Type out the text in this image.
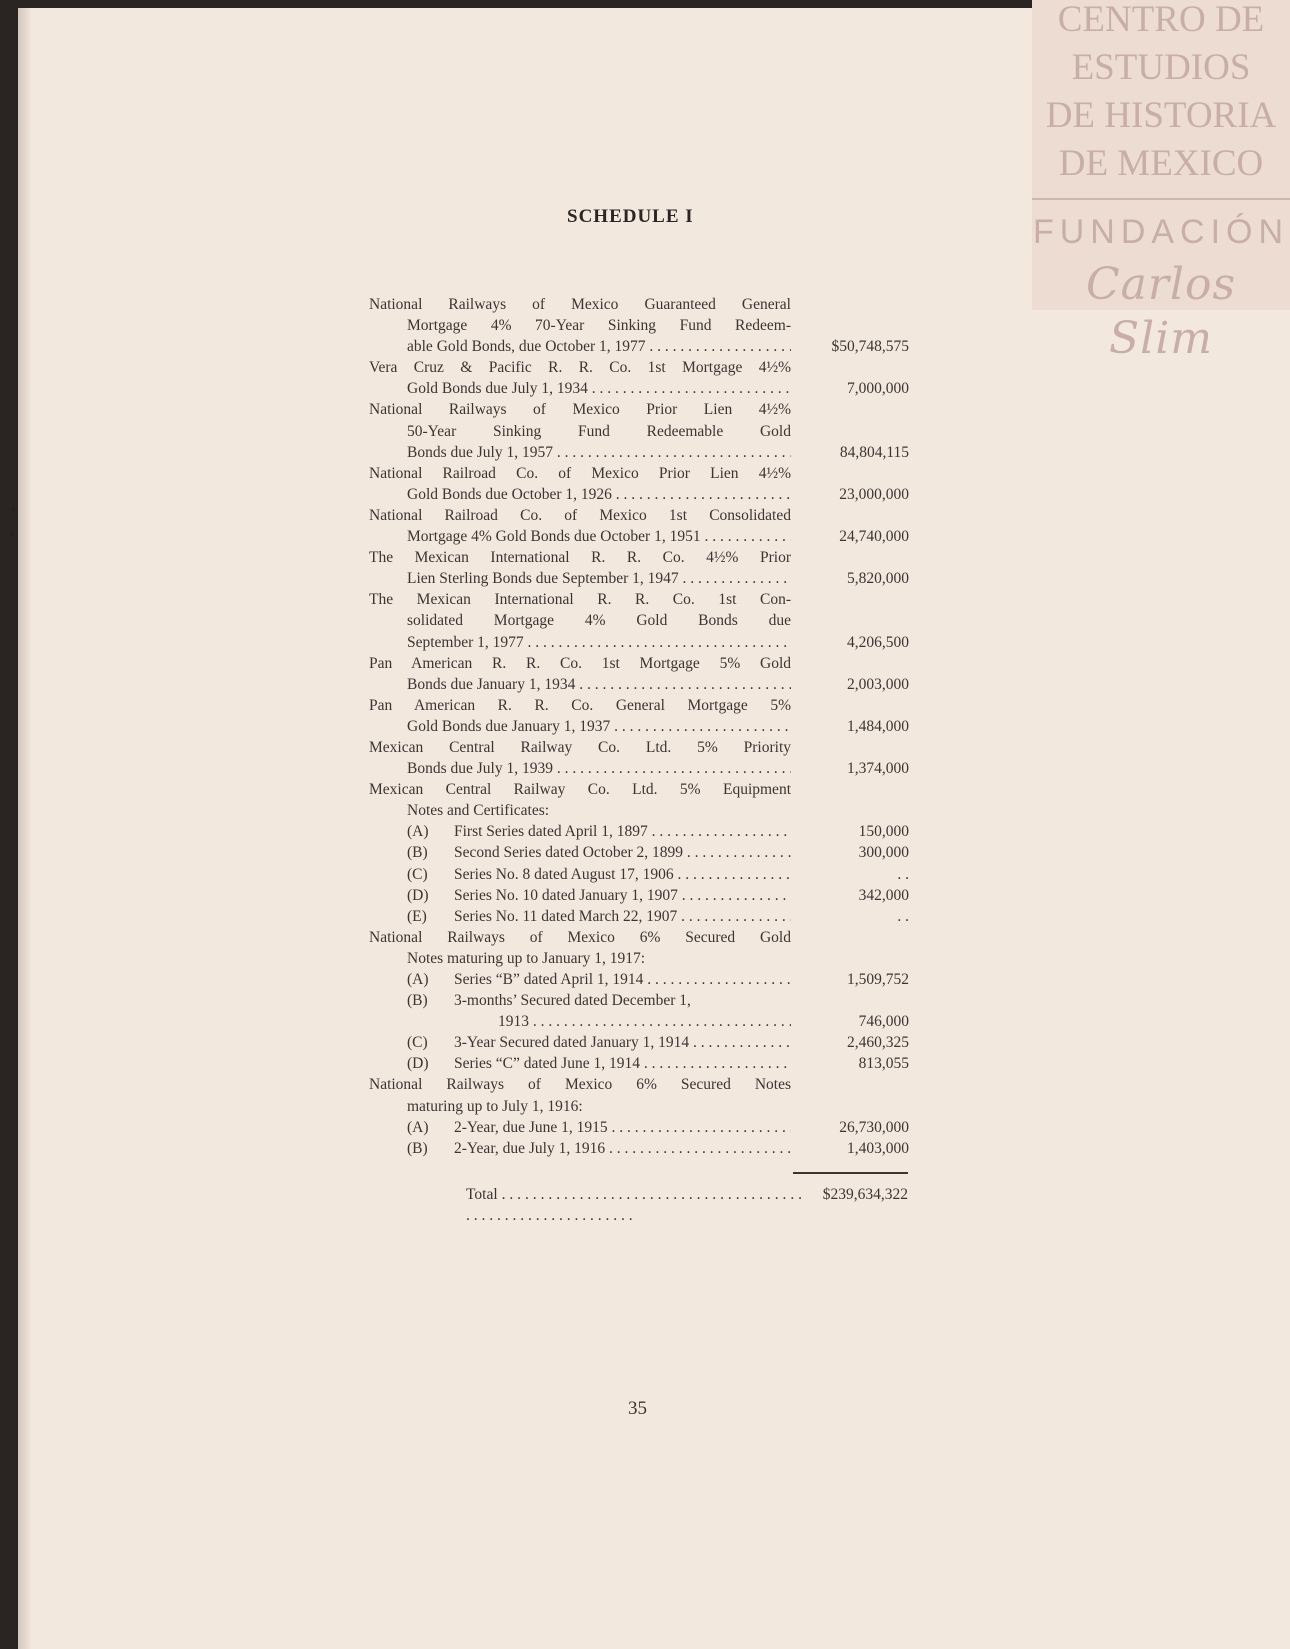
CENTRO DE
ESTUDIOS
DE HISTORIA
DE MEXICO
FUNDACIÓN
Carlos Slim
SCHEDULE I
National Railways of Mexico Guaranteed General
Mortgage 4% 70-Year Sinking Fund Redeem-
able Gold Bonds, due October 1, 1977 . . .	$50,748,575
Vera Cruz & Pacific R. R. Co. 1st Mortgage 4½%
Gold Bonds due July 1, 1934 . . .	7,000,000
National Railways of Mexico Prior Lien 4½%
50-Year Sinking Fund Redeemable Gold
Bonds due July 1, 1957 . . .	84,804,115
National Railroad Co. of Mexico Prior Lien 4½%
Gold Bonds due October 1, 1926 . . .	23,000,000
National Railroad Co. of Mexico 1st Consolidated
Mortgage 4% Gold Bonds due October 1, 1951 . . .	24,740,000
The Mexican International R. R. Co. 4½% Prior
Lien Sterling Bonds due September 1, 1947 . . .	5,820,000
The Mexican International R. R. Co. 1st Con-
solidated Mortgage 4% Gold Bonds due
September 1, 1977 . . .	4,206,500
Pan American R. R. Co. 1st Mortgage 5% Gold
Bonds due January 1, 1934 . . .	2,003,000
Pan American R. R. Co. General Mortgage 5%
Gold Bonds due January 1, 1937 . . .	1,484,000
Mexican Central Railway Co. Ltd. 5% Priority
Bonds due July 1, 1939 . . .	1,374,000
Mexican Central Railway Co. Ltd. 5% Equipment
Notes and Certificates:
(A) First Series dated April 1, 1897 . . .	150,000
(B) Second Series dated October 2, 1899 . . .	300,000
(C) Series No. 8 dated August 17, 1906 . . .	. .
(D) Series No. 10 dated January 1, 1907 . . .	342,000
(E) Series No. 11 dated March 22, 1907 . . .	. .
National Railways of Mexico 6% Secured Gold
Notes maturing up to January 1, 1917:
(A) Series “B” dated April 1, 1914 . . .	1,509,752
(B) 3-months’ Secured dated December 1,
1913 . . .	746,000
(C) 3-Year Secured dated January 1, 1914 . . .	2,460,325
(D) Series “C” dated June 1, 1914 . . .	813,055
National Railways of Mexico 6% Secured Notes
maturing up to July 1, 1916:
(A) 2-Year, due June 1, 1915 . . .	26,730,000
(B) 2-Year, due July 1, 1916 . . .	1,403,000
Total . . .	$239,634,322
35
